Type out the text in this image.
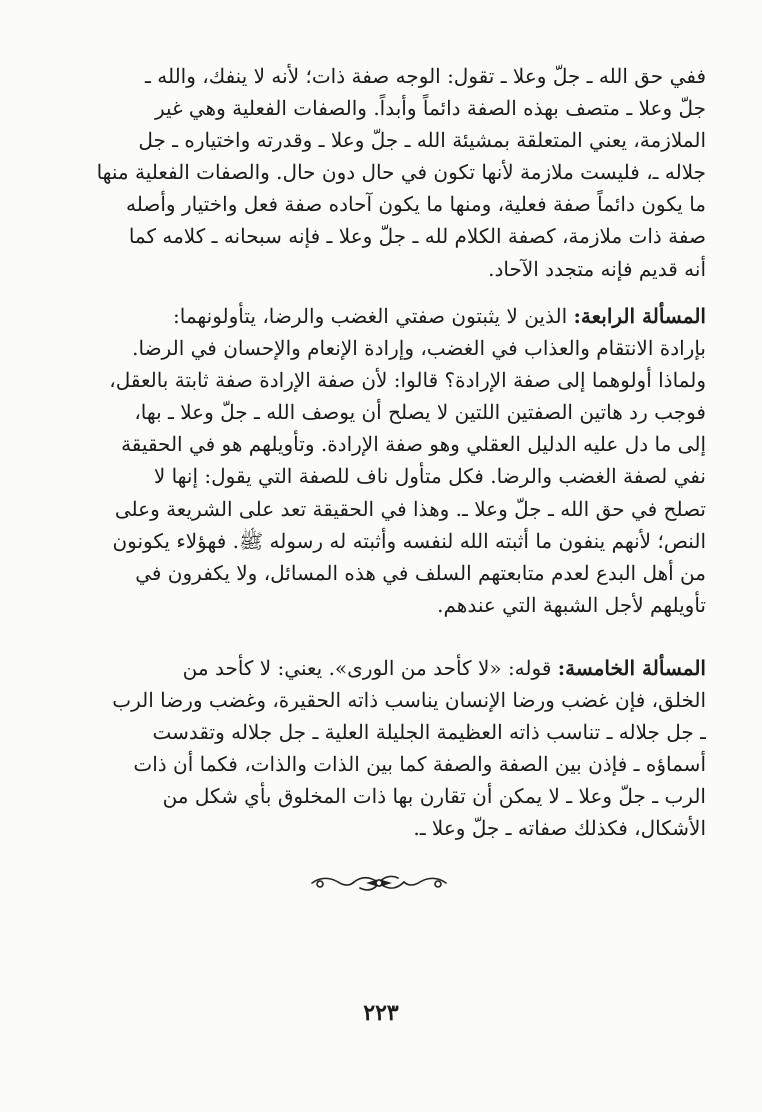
ففي حق الله ـ جلّ وعلا ـ تقول: الوجه صفة ذات؛ لأنه لا ينفك، والله ـ
جلّ وعلا ـ متصف بهذه الصفة دائماً وأبداً. والصفات الفعلية وهي غير
الملازمة، يعني المتعلقة بمشيئة الله ـ جلّ وعلا ـ وقدرته واختياره ـ جل
جلاله ـ، فليست ملازمة لأنها تكون في حال دون حال. والصفات الفعلية منها
ما يكون دائماً صفة فعلية، ومنها ما يكون آحاده صفة فعل واختيار وأصله
صفة ذات ملازمة، كصفة الكلام لله ـ جلّ وعلا ـ فإنه سبحانه ـ كلامه كما
أنه قديم فإنه متجدد الآحاد.
المسألة الرابعة: الذين لا يثبتون صفتي الغضب والرضا، يتأولونهما:
بإرادة الانتقام والعذاب في الغضب، وإرادة الإنعام والإحسان في الرضا.
ولماذا أولوهما إلى صفة الإرادة؟ قالوا: لأن صفة الإرادة صفة ثابتة بالعقل،
فوجب رد هاتين الصفتين اللتين لا يصلح أن يوصف الله ـ جلّ وعلا ـ بها،
إلى ما دل عليه الدليل العقلي وهو صفة الإرادة. وتأويلهم هو في الحقيقة
نفي لصفة الغضب والرضا. فكل متأول ناف للصفة التي يقول: إنها لا
تصلح في حق الله ـ جلّ وعلا ـ. وهذا في الحقيقة تعد على الشريعة وعلى
النص؛ لأنهم ينفون ما أثبته الله لنفسه وأثبته له رسوله ﷺ. فهؤلاء يكونون
من أهل البدع لعدم متابعتهم السلف في هذه المسائل، ولا يكفرون في
تأويلهم لأجل الشبهة التي عندهم.
المسألة الخامسة: قوله: «لا كأحد من الورى». يعني: لا كأحد من
الخلق، فإن غضب ورضا الإنسان يناسب ذاته الحقيرة، وغضب ورضا الرب
ـ جل جلاله ـ تناسب ذاته العظيمة الجليلة العلية ـ جل جلاله وتقدست
أسماؤه ـ فإذن بين الصفة والصفة كما بين الذات والذات، فكما أن ذات
الرب ـ جلّ وعلا ـ لا يمكن أن تقارن بها ذات المخلوق بأي شكل من
الأشكال، فكذلك صفاته ـ جلّ وعلا ـ.
٢٢٣
